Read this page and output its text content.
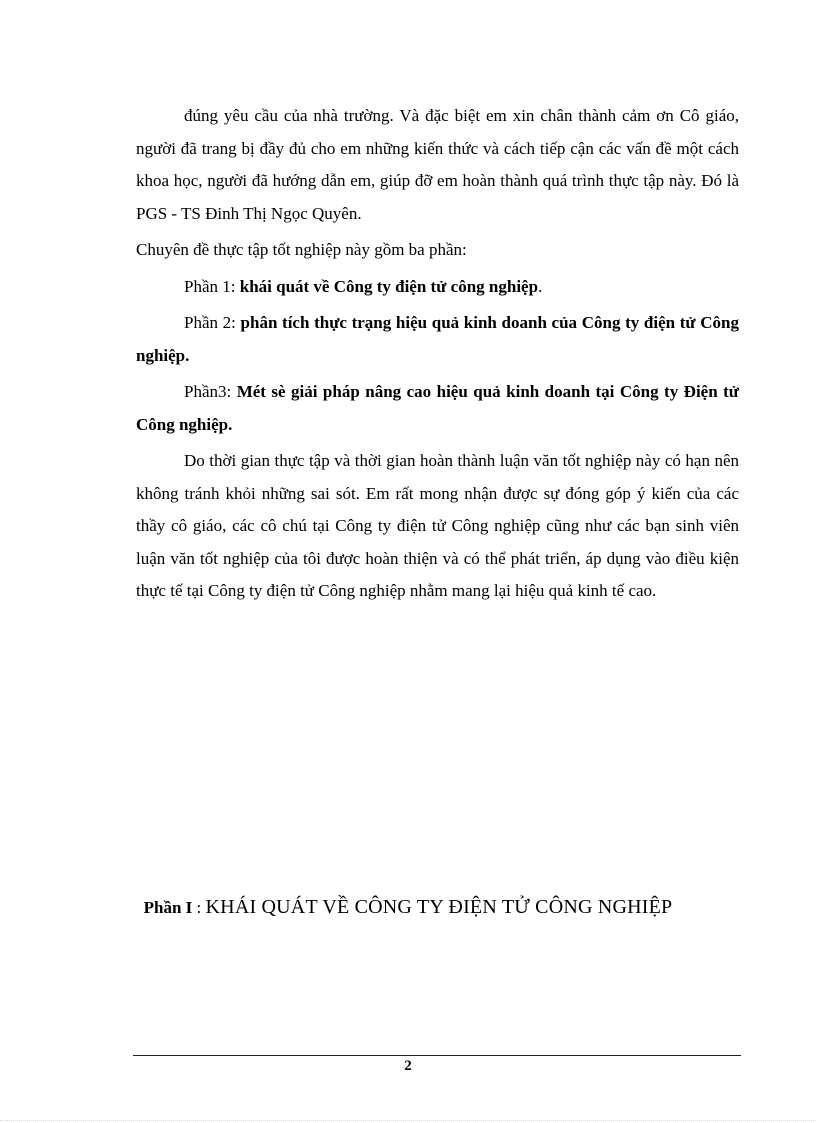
đúng yêu cầu của nhà trường. Và đặc biệt em xin chân thành cảm ơn Cô giáo, người đã trang bị đầy đủ cho em những kiến thức và cách tiếp cận các vấn đề một cách khoa học, người đã hướng dẫn em, giúp đỡ em hoàn thành quá trình thực tập này. Đó là PGS - TS Đinh Thị Ngọc Quyên.

Chuyên đề thực tập tốt nghiệp này gồm ba phần:

Phần 1: khái quát về Công ty điện tử công nghiệp.

Phần 2: phân tích thực trạng hiệu quả kinh doanh của Công ty điện tử Công nghiệp.

Phần3: Mét sè giải pháp nâng cao hiệu quả kinh doanh tại Công ty Điện tử Công nghiệp.

Do thời gian thực tập và thời gian hoàn thành luận văn tốt nghiệp này có hạn nên không tránh khỏi những sai sót. Em rất mong nhận được sự đóng góp ý kiến của các thầy cô giáo, các cô chú tại Công ty điện tử Công nghiệp cũng như các bạn sinh viên luận văn tốt nghiệp của tôi được hoàn thiện và có thể phát triển, áp dụng vào điều kiện thực tế tại Công ty điện tử Công nghiệp nhằm mang lại hiệu quả kinh tế cao.

Phần I : KHÁI QUÁT VỀ CÔNG TY ĐIỆN TỬ CÔNG NGHIỆP
2
